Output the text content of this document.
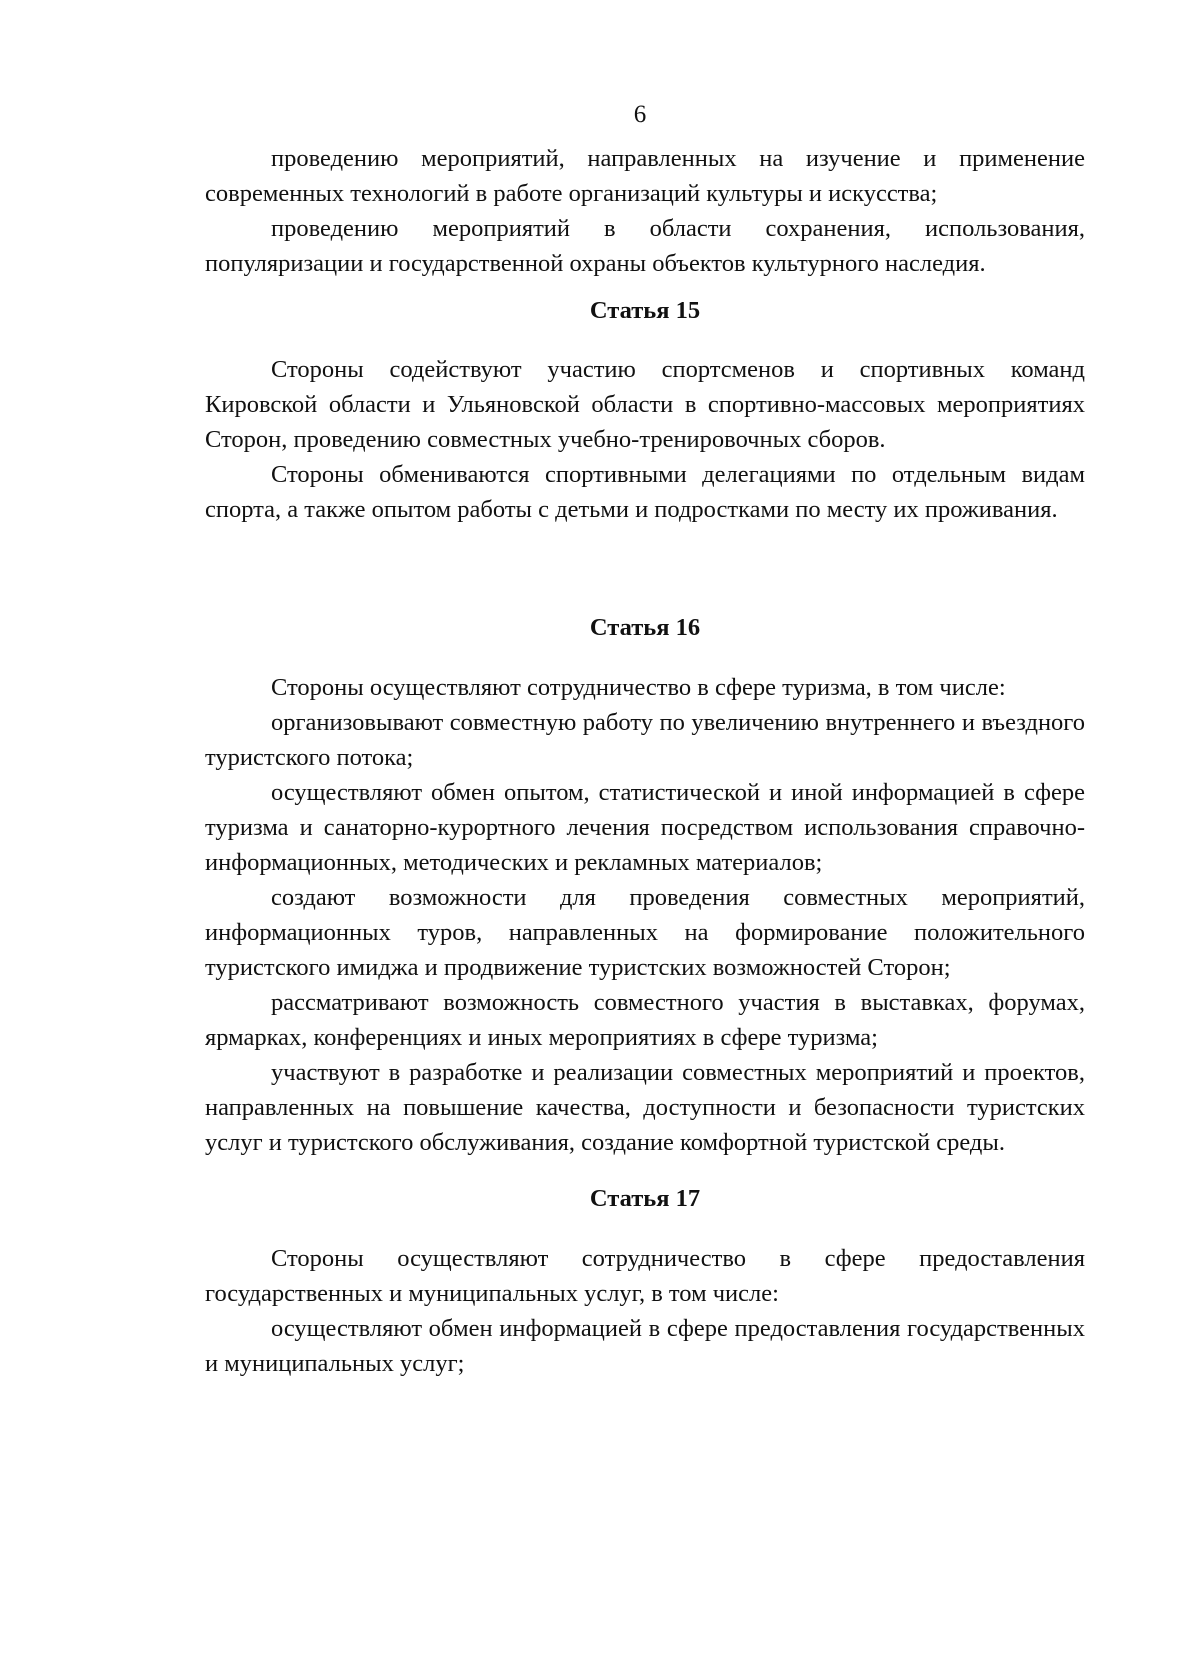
6

проведению мероприятий, направленных на изучение и применение современных технологий в работе организаций культуры и искусства;

проведению мероприятий в области сохранения, использования, популяризации и государственной охраны объектов культурного наследия.

Статья 15

Стороны содействуют участию спортсменов и спортивных команд Кировской области и Ульяновской области в спортивно-массовых мероприятиях Сторон, проведению совместных учебно-тренировочных сборов.

Стороны обмениваются спортивными делегациями по отдельным видам спорта, а также опытом работы с детьми и подростками по месту их проживания.

Статья 16

Стороны осуществляют сотрудничество в сфере туризма, в том числе:

организовывают совместную работу по увеличению внутреннего и въездного туристского потока;

осуществляют обмен опытом, статистической и иной информацией в сфере туризма и санаторно-курортного лечения посредством использования справочно-информационных, методических и рекламных материалов;

создают возможности для проведения совместных мероприятий, информационных туров, направленных на формирование положительного туристского имиджа и продвижение туристских возможностей Сторон;

рассматривают возможность совместного участия в выставках, форумах, ярмарках, конференциях и иных мероприятиях в сфере туризма;

участвуют в разработке и реализации совместных мероприятий и проектов, направленных на повышение качества, доступности и безопасности туристских услуг и туристского обслуживания, создание комфортной туристской среды.

Статья 17

Стороны осуществляют сотрудничество в сфере предоставления государственных и муниципальных услуг, в том числе:

осуществляют обмен информацией в сфере предоставления государственных и муниципальных услуг;
